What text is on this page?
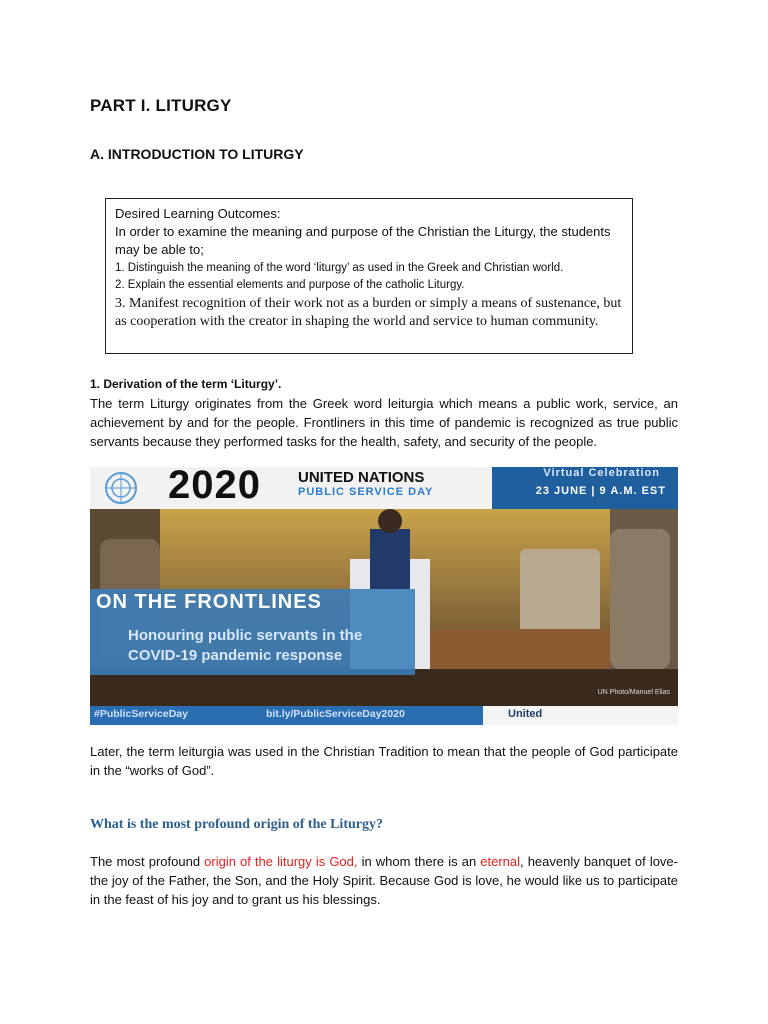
PART I. LITURGY
A. INTRODUCTION TO LITURGY

Desired Learning Outcomes:

In order to examine the meaning and purpose of the Christian the Liturgy, the students may be able to;

1. Distinguish the meaning of the word ‘liturgy’ as used in the Greek and Christian world.

2. Explain the essential elements and purpose of the catholic Liturgy.

3. Manifest recognition of their work not as a burden or simply a means of sustenance, but as cooperation with the creator in shaping the world and service to human community.

1. Derivation of the term ‘Liturgy’.

The term Liturgy originates from the Greek word leiturgia which means a public work, service, an achievement by and for the people. Frontliners in this time of pandemic is recognized as true public servants because they performed tasks for the health, safety, and security of the people.

2020 UNITED NATIONS
PUBLIC SERVICE DAY
Virtual Celebration
23 JUNE | 9 A.M. EST
ON THE FRONTLINES
Honouring public servants in the
COVID-19 pandemic response
UN Photo/Manuel Elias
#PublicServiceDay	bit.ly/PublicServiceDay2020	United

Later, the term leiturgia was used in the Christian Tradition to mean that the people of God participate in the “works of God”.

What is the most profound origin of the Liturgy?

The most profound origin of the liturgy is God, in whom there is an eternal, heavenly banquet of love- the joy of the Father, the Son, and the Holy Spirit. Because God is love, he would like us to participate in the feast of his joy and to grant us his blessings.
